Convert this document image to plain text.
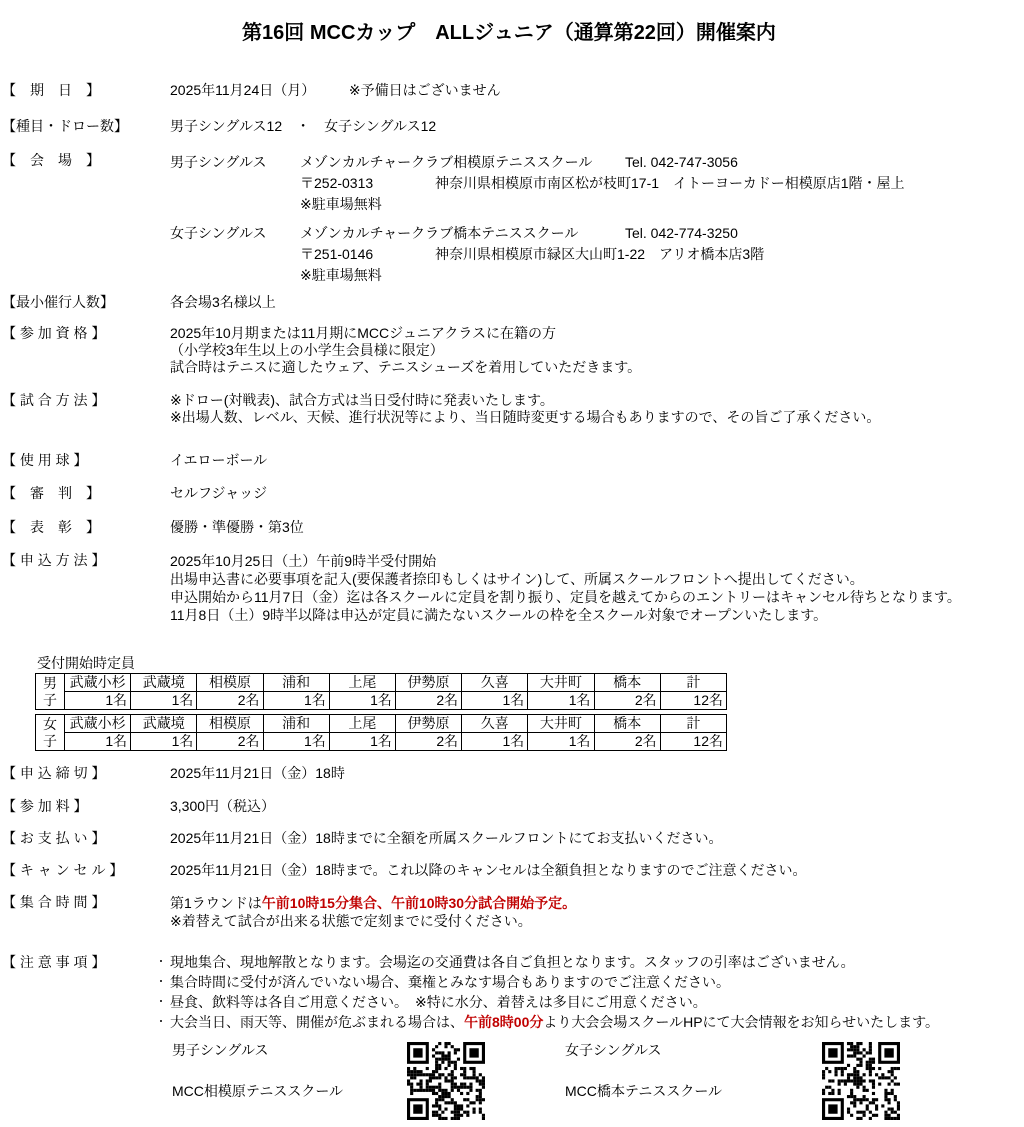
第16回 MCCカップ　ALLジュニア（通算第22回）開催案内
【　期　日　】	2025年11月24日（月） ※予備日はございません
【種目・ドロー数】	男子シングルス12　・　女子シングルス12
【　会　場　】	男子シングルス	メゾンカルチャークラブ相模原テニススクール	Tel. 042-747-3056
〒252-0313	神奈川県相模原市南区松が枝町17-1　イトーヨーカドー相模原店1階・屋上
※駐車場無料
女子シングルス	メゾンカルチャークラブ橋本テニススクール	Tel. 042-774-3250
〒251-0146	神奈川県相模原市緑区大山町1-22　アリオ橋本店3階
※駐車場無料
【最小催行人数】	各会場3名様以上
【 参 加 資 格 】	2025年10月期または11月期にMCCジュニアクラスに在籍の方
（小学校3年生以上の小学生会員様に限定）
試合時はテニスに適したウェア、テニスシューズを着用していただきます。
【 試 合 方 法 】	※ドロー(対戦表)、試合方式は当日受付時に発表いたします。
※出場人数、レベル、天候、進行状況等により、当日随時変更する場合もありますので、その旨ご了承ください。
【 使 用 球 】	イエローボール
【　審　判　】	セルフジャッジ
【　表　彰　】	優勝・準優勝・第3位
【 申 込 方 法 】	2025年10月25日（土）午前9時半受付開始
出場申込書に必要事項を記入(要保護者捺印もしくはサイン)して、所属スクールフロントへ提出してください。
申込開始から11月7日（金）迄は各スクールに定員を割り振り、定員を越えてからのエントリーはキャンセル待ちとなります。
11月8日（土）9時半以降は申込が定員に満たないスクールの枠を全スクール対象でオープンいたします。
受付開始時定員
男子	武蔵小杉	武蔵境	相模原	浦和	上尾	伊勢原	久喜	大井町	橋本	計
	1名	1名	2名	1名	1名	2名	1名	1名	2名	12名
女子	武蔵小杉	武蔵境	相模原	浦和	上尾	伊勢原	久喜	大井町	橋本	計
	1名	1名	2名	1名	1名	2名	1名	1名	2名	12名
【 申 込 締 切 】	2025年11月21日（金）18時
【 参 加 料 】	3,300円（税込）
【 お 支 払 い 】	2025年11月21日（金）18時までに全額を所属スクールフロントにてお支払いください。
【 キ ャ ン セ ル 】	2025年11月21日（金）18時まで。これ以降のキャンセルは全額負担となりますのでご注意ください。
【 集 合 時 間 】	第1ラウンドは午前10時15分集合、午前10時30分試合開始予定。
※着替えて試合が出来る状態で定刻までに受付ください。
【 注 意 事 項 】	・ 現地集合、現地解散となります。会場迄の交通費は各自ご負担となります。スタッフの引率はございません。
・ 集合時間に受付が済んでいない場合、棄権とみなす場合もありますのでご注意ください。
・ 昼食、飲料等は各自ご用意ください。　※特に水分、着替えは多目にご用意ください。
・ 大会当日、雨天等、開催が危ぶまれる場合は、午前8時00分より大会会場スクールHPにて大会情報をお知らせいたします。
男子シングルス
MCC相模原テニススクール
女子シングルス
MCC橋本テニススクール
